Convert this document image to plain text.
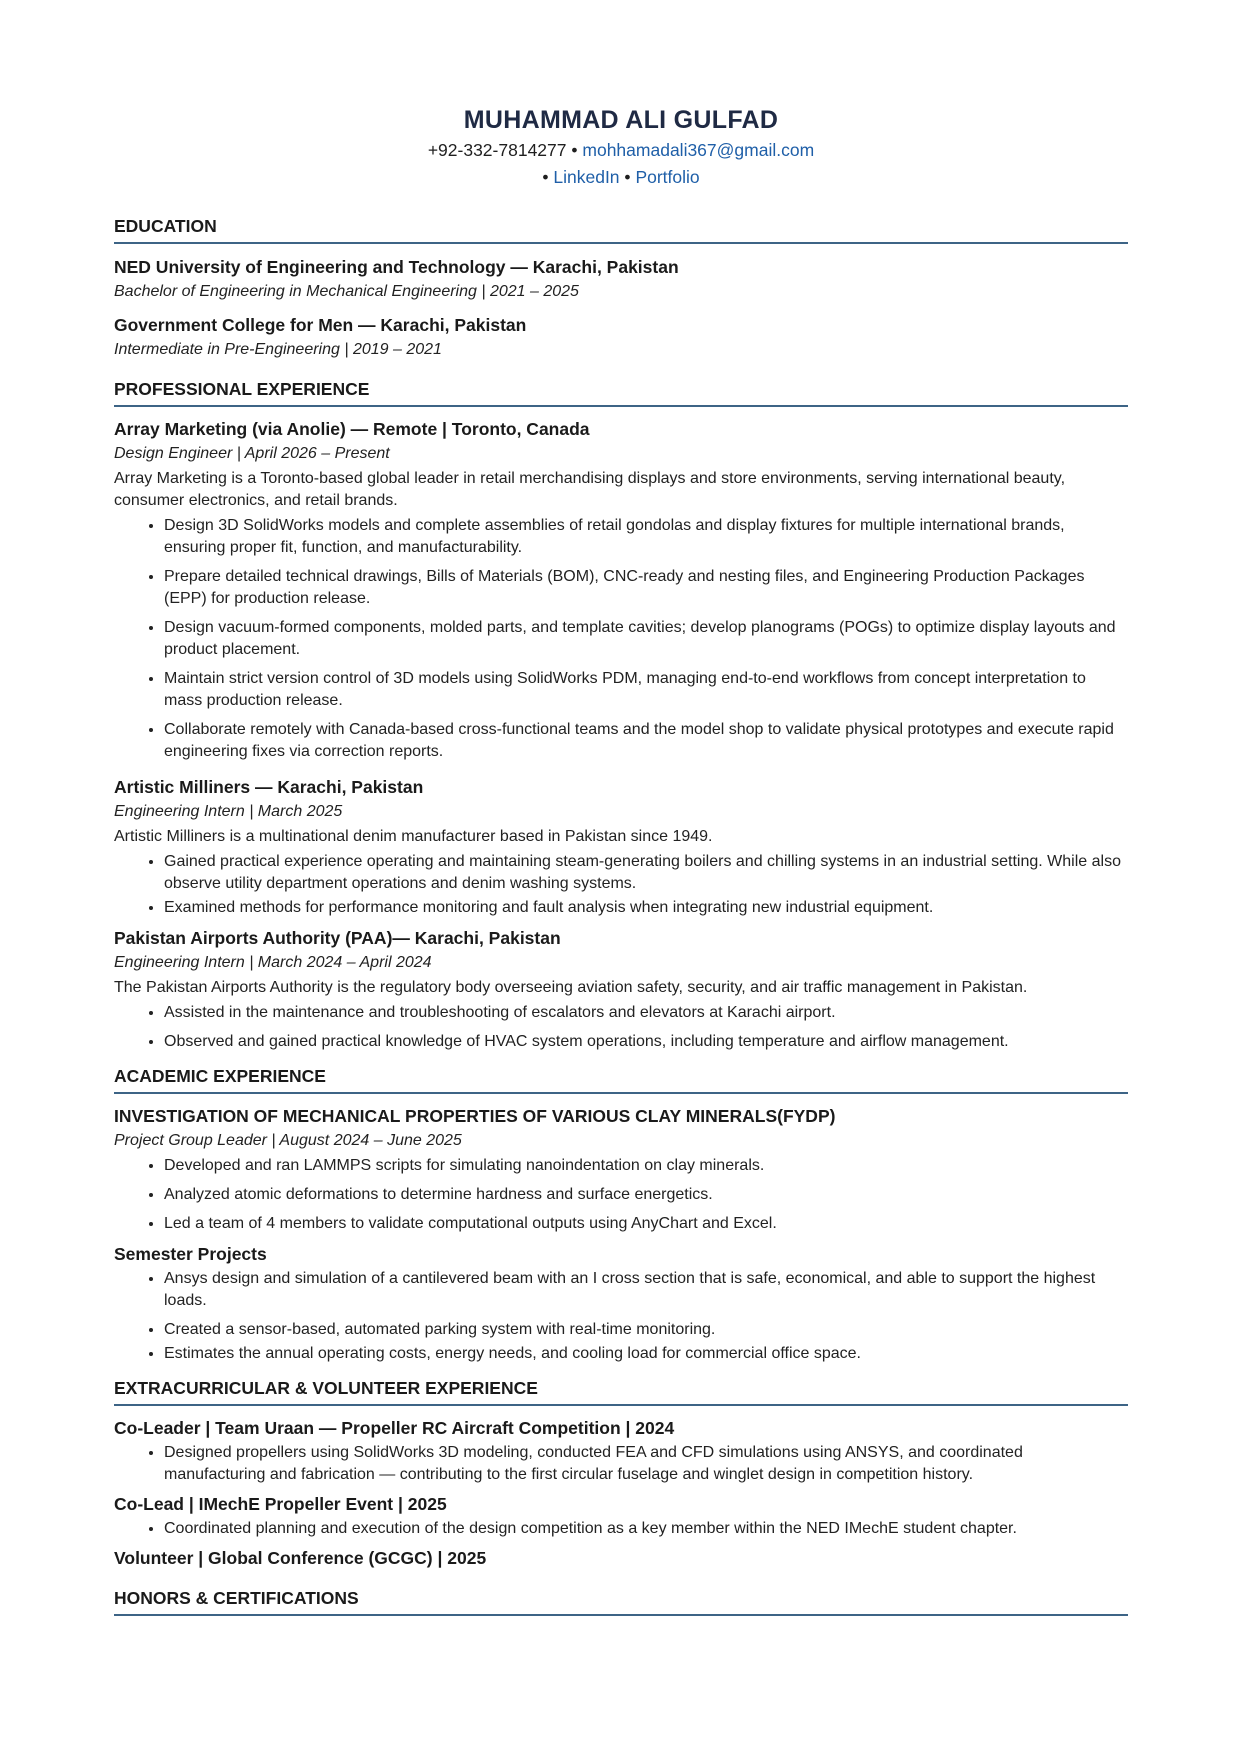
MUHAMMAD ALI GULFAD
+92-332-7814277 • mohhamadali367@gmail.com
• LinkedIn • Portfolio
EDUCATION

NED University of Engineering and Technology — Karachi, Pakistan

Bachelor of Engineering in Mechanical Engineering | 2021 – 2025

Government College for Men — Karachi, Pakistan

Intermediate in Pre-Engineering | 2019 – 2021

PROFESSIONAL EXPERIENCE

Array Marketing (via Anolie) — Remote | Toronto, Canada

Design Engineer | April 2026 – Present

Array Marketing is a Toronto-based global leader in retail merchandising displays and store environments, serving international beauty, consumer electronics, and retail brands.

• Design 3D SolidWorks models and complete assemblies of retail gondolas and display fixtures for multiple international brands, ensuring proper fit, function, and manufacturability.
• Prepare detailed technical drawings, Bills of Materials (BOM), CNC-ready and nesting files, and Engineering Production Packages (EPP) for production release.
• Design vacuum-formed components, molded parts, and template cavities; develop planograms (POGs) to optimize display layouts and product placement.
• Maintain strict version control of 3D models using SolidWorks PDM, managing end-to-end workflows from concept interpretation to mass production release.
• Collaborate remotely with Canada-based cross-functional teams and the model shop to validate physical prototypes and execute rapid engineering fixes via correction reports.

Artistic Milliners — Karachi, Pakistan

Engineering Intern | March 2025

Artistic Milliners is a multinational denim manufacturer based in Pakistan since 1949.

• Gained practical experience operating and maintaining steam-generating boilers and chilling systems in an industrial setting. While also observe utility department operations and denim washing systems.
• Examined methods for performance monitoring and fault analysis when integrating new industrial equipment.

Pakistan Airports Authority (PAA)— Karachi, Pakistan

Engineering Intern | March 2024 – April 2024

The Pakistan Airports Authority is the regulatory body overseeing aviation safety, security, and air traffic management in Pakistan.

• Assisted in the maintenance and troubleshooting of escalators and elevators at Karachi airport.
• Observed and gained practical knowledge of HVAC system operations, including temperature and airflow management.
ACADEMIC EXPERIENCE

INVESTIGATION OF MECHANICAL PROPERTIES OF VARIOUS CLAY MINERALS(FYDP)

Project Group Leader | August 2024 – June 2025

• Developed and ran LAMMPS scripts for simulating nanoindentation on clay minerals.
• Analyzed atomic deformations to determine hardness and surface energetics.
• Led a team of 4 members to validate computational outputs using AnyChart and Excel.

Semester Projects

• Ansys design and simulation of a cantilevered beam with an I cross section that is safe, economical, and able to support the highest loads.
• Created a sensor-based, automated parking system with real-time monitoring.
• Estimates the annual operating costs, energy needs, and cooling load for commercial office space.
EXTRACURRICULAR & VOLUNTEER EXPERIENCE

Co-Leader | Team Uraan — Propeller RC Aircraft Competition | 2024

• Designed propellers using SolidWorks 3D modeling, conducted FEA and CFD simulations using ANSYS, and coordinated manufacturing and fabrication — contributing to the first circular fuselage and winglet design in competition history.

Co-Lead | IMechE Propeller Event | 2025

• Coordinated planning and execution of the design competition as a key member within the NED IMechE student chapter.

Volunteer | Global Conference (GCGC) | 2025

HONORS & CERTIFICATIONS
